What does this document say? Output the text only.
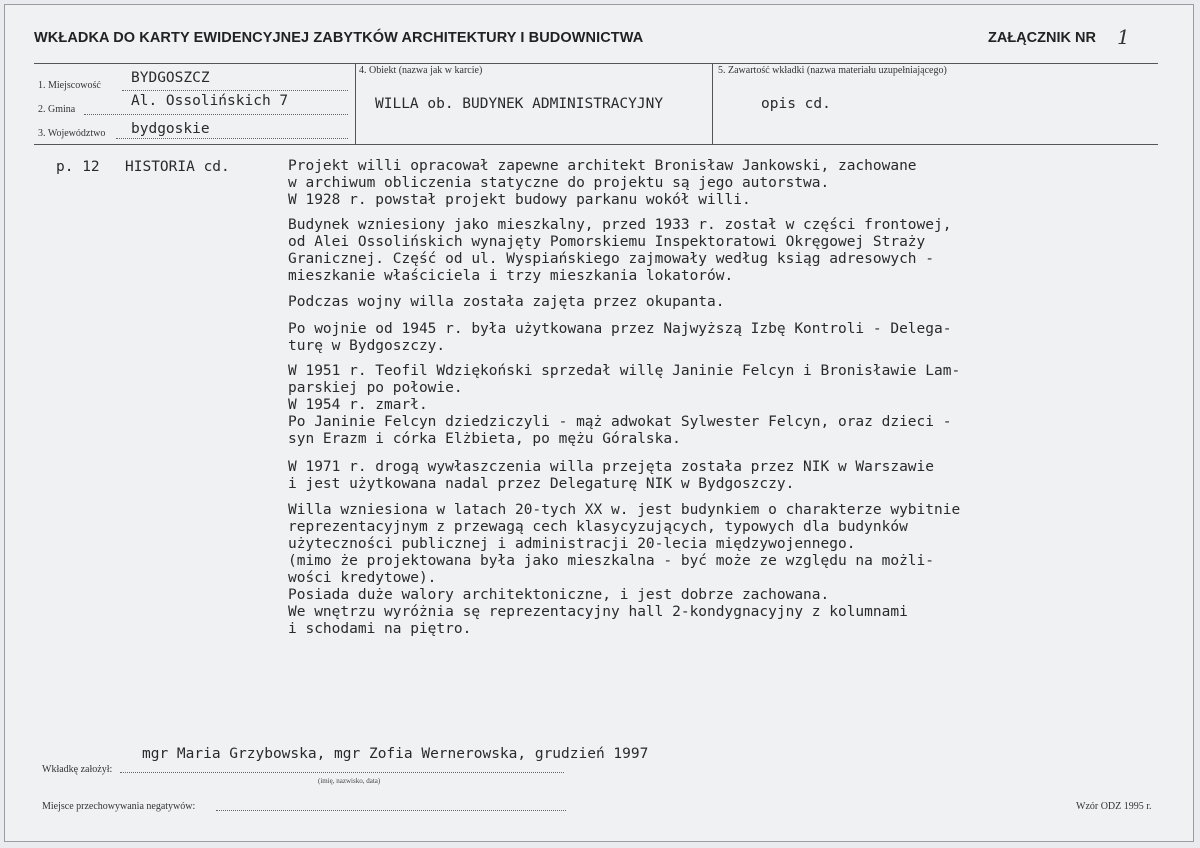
WKŁADKA DO KARTY EWIDENCYJNEJ ZABYTKÓW ARCHITEKTURY I BUDOWNICTWA	ZAŁĄCZNIK NR 1
1. Miejscowość BYDGOSZCZ
2. Gmina
Al. Ossolińskich 7
3. Województwo bydgoskie
4. Obiekt (nazwa jak w karcie)
WILLA ob. BUDYNEK ADMINISTRACYJNY
5. Zawartość wkładki (nazwa materiału uzupełniającego)
opis cd.
p. 12 HISTORIA cd.	Projekt willi opracował zapewne architekt Bronisław Jankowski, zachowane
w archiwum obliczenia statyczne do projektu są jego autorstwa.
W 1928 r. powstał projekt budowy parkanu wokół willi.
Budynek wzniesiony jako mieszkalny, przed 1933 r. został w części frontowej,
od Alei Ossolińskich wynajęty Pomorskiemu Inspektoratowi Okręgowej Straży
Granicznej. Część od ul. Wyspiańskiego zajmowały według ksiąg adresowych -
mieszkanie właściciela i trzy mieszkania lokatorów.
Podczas wojny willa została zajęta przez okupanta.
Po wojnie od 1945 r. była użytkowana przez Najwyższą Izbę Kontroli - Delega-
turę w Bydgoszczy.
W 1951 r. Teofil Wdziękoński sprzedał willę Janinie Felcyn i Bronisławie Lam-
parskiej po połowie.
W 1954 r. zmarł.
Po Janinie Felcyn dziedziczyli - mąż adwokat Sylwester Felcyn, oraz dzieci -
syn Erazm i córka Elżbieta, po mężu Góralska.
W 1971 r. drogą wywłaszczenia willa przejęta została przez NIK w Warszawie
i jest użytkowana nadal przez Delegaturę NIK w Bydgoszczy.
Willa wzniesiona w latach 20-tych XX w. jest budynkiem o charakterze wybitnie
reprezentacyjnym z przewagą cech klasycyzujących, typowych dla budynków
użyteczności publicznej i administracji 20-lecia międzywojennego.
(mimo że projektowana była jako mieszkalna - być może ze względu na możli-
wości kredytowe).
Posiada duże walory architektoniczne, i jest dobrze zachowana.
We wnętrzu wyróżnia sę reprezentacyjny hall 2-kondygnacyjny z kolumnami
i schodami na piętro.
mgr Maria Grzybowska, mgr Zofia Wernerowska, grudzień 1997
Wkładkę założył:
(imię, nazwisko, data)
Miejsce przechowywania negatywów:	Wzór ODZ 1995 r.
